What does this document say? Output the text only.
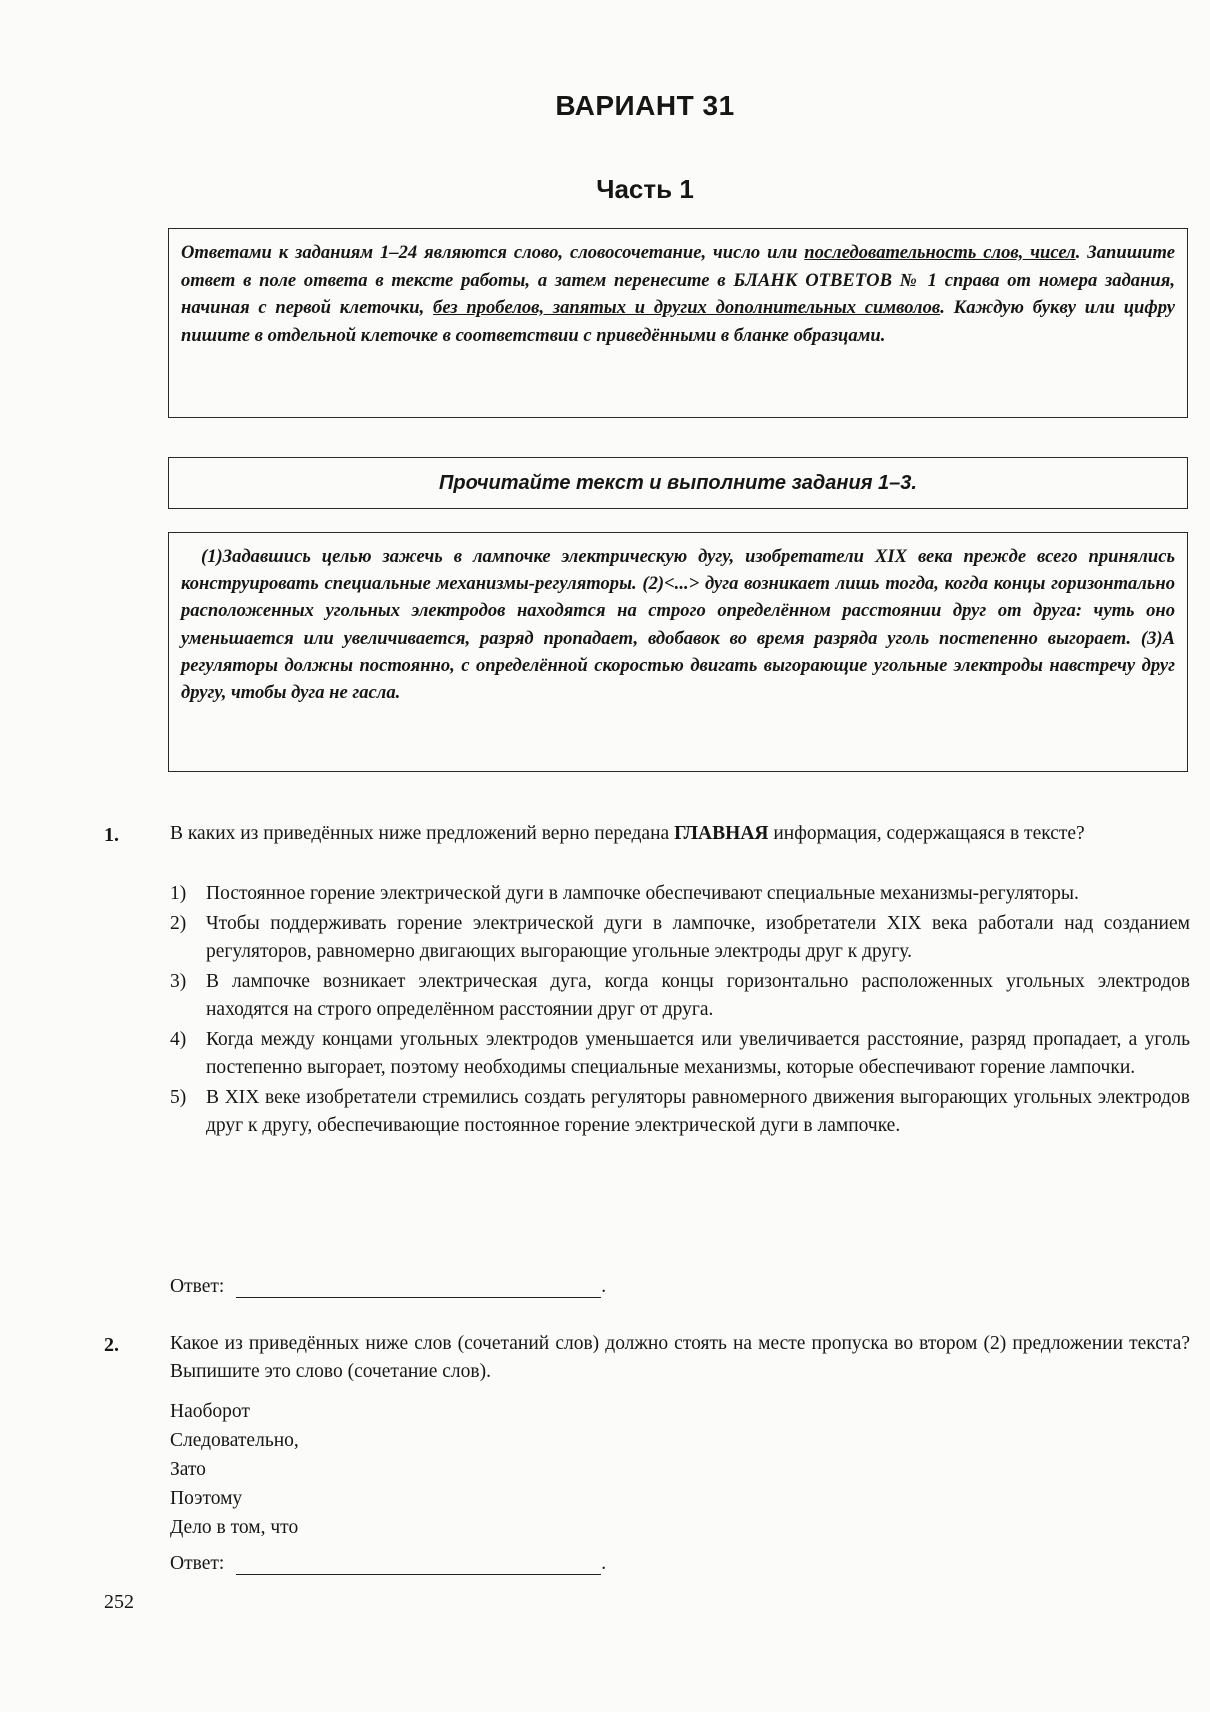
ВАРИАНТ 31
Часть 1
Ответами к заданиям 1–24 являются слово, словосочетание, число или последовательность слов, чисел. Запишите ответ в поле ответа в тексте работы, а затем перенесите в БЛАНК ОТВЕТОВ № 1 справа от номера задания, начиная с первой клеточки, без пробелов, запятых и других дополнительных символов. Каждую букву или цифру пишите в отдельной клеточке в соответствии с приведёнными в бланке образцами.
Прочитайте текст и выполните задания 1–3.
(1)Задавшись целью зажечь в лампочке электрическую дугу, изобретатели XIX века прежде всего принялись конструировать специальные механизмы-регуляторы. (2)<...> дуга возникает лишь тогда, когда концы горизонтально расположенных угольных электродов находятся на строго определённом расстоянии друг от друга: чуть оно уменьшается или увеличивается, разряд пропадает, вдобавок во время разряда уголь постепенно выгорает. (3)А регуляторы должны постоянно, с определённой скоростью двигать выгорающие угольные электроды навстречу друг другу, чтобы дуга не гасла.
1.	В каких из приведённых ниже предложений верно передана ГЛАВНАЯ информация, содержащаяся в тексте?
1)	Постоянное горение электрической дуги в лампочке обеспечивают специальные механизмы-регуляторы.
2)	Чтобы поддерживать горение электрической дуги в лампочке, изобретатели XIX века работали над созданием регуляторов, равномерно двигающих выгорающие угольные электроды друг к другу.
3)	В лампочке возникает электрическая дуга, когда концы горизонтально расположенных угольных электродов находятся на строго определённом расстоянии друг от друга.
4)	Когда между концами угольных электродов уменьшается или увеличивается расстояние, разряд пропадает, а уголь постепенно выгорает, поэтому необходимы специальные механизмы, которые обеспечивают горение лампочки.
5)	В XIX веке изобретатели стремились создать регуляторы равномерного движения выгорающих угольных электродов друг к другу, обеспечивающие постоянное горение электрической дуги в лампочке.
Ответ:	.
2.	Какое из приведённых ниже слов (сочетаний слов) должно стоять на месте пропуска во втором (2) предложении текста? Выпишите это слово (сочетание слов).
Наоборот
Следовательно,
Зато
Поэтому
Дело в том, что
Ответ:	.
252
